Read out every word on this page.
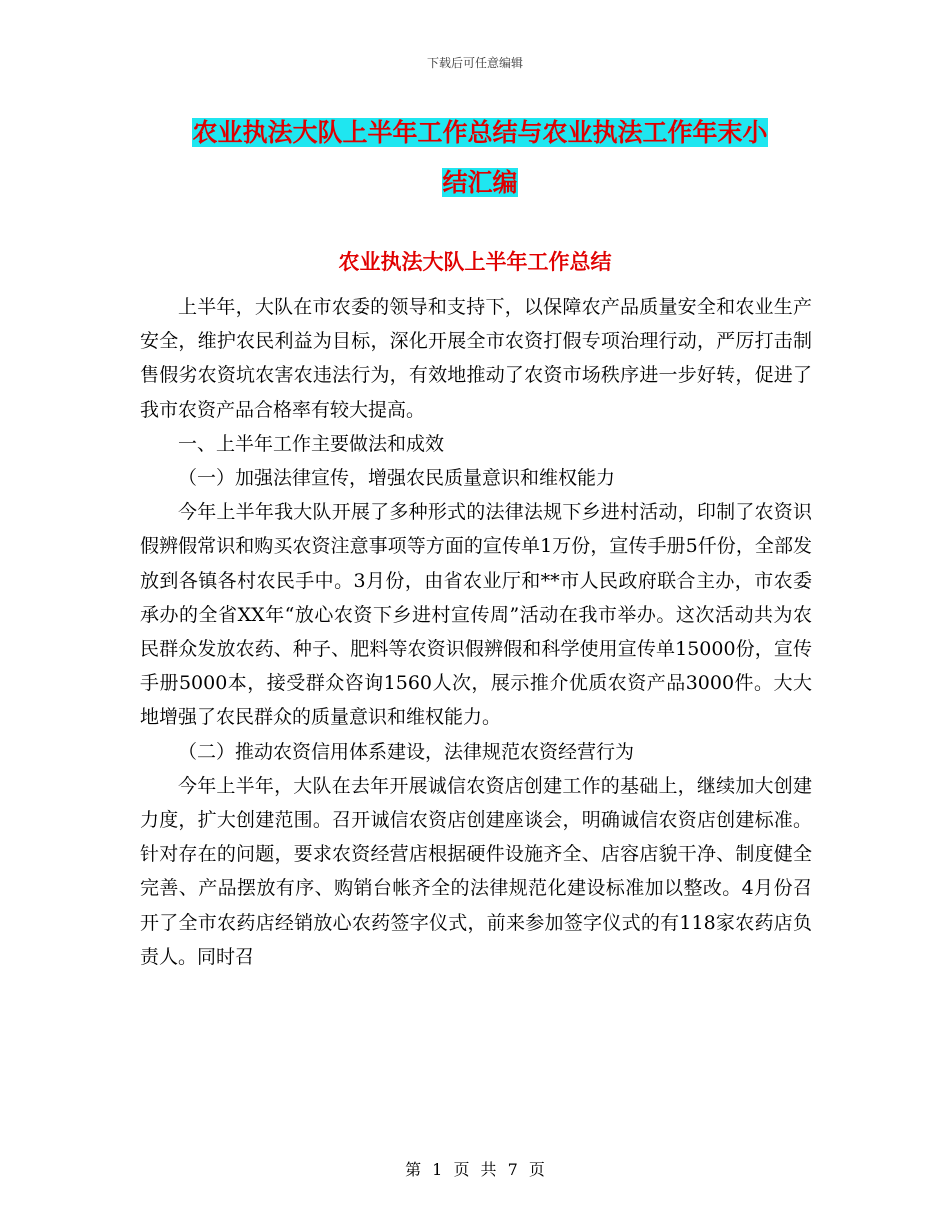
下载后可任意编辑
农业执法大队上半年工作总结与农业执法工作年末小
结汇编
农业执法大队上半年工作总结

上半年，大队在市农委的领导和支持下，以保障农产品质量安全和农业生产安全，维护农民利益为目标，深化开展全市农资打假专项治理行动，严厉打击制售假劣农资坑农害农违法行为，有效地推动了农资市场秩序进一步好转，促进了我市农资产品合格率有较大提高。

一、上半年工作主要做法和成效

（一）加强法律宣传，增强农民质量意识和维权能力

今年上半年我大队开展了多种形式的法律法规下乡进村活动，印制了农资识假辨假常识和购买农资注意事项等方面的宣传单1万份，宣传手册5仟份，全部发放到各镇各村农民手中。3月份，由省农业厅和**市人民政府联合主办，市农委承办的全省XX年“放心农资下乡进村宣传周”活动在我市举办。这次活动共为农民群众发放农药、种子、肥料等农资识假辨假和科学使用宣传单15000份，宣传手册5000本，接受群众咨询1560人次，展示推介优质农资产品3000件。大大地增强了农民群众的质量意识和维权能力。

（二）推动农资信用体系建设，法律规范农资经营行为

今年上半年，大队在去年开展诚信农资店创建工作的基础上，继续加大创建力度，扩大创建范围。召开诚信农资店创建座谈会，明确诚信农资店创建标准。针对存在的问题，要求农资经营店根据硬件设施齐全、店容店貌干净、制度健全完善、产品摆放有序、购销台帐齐全的法律规范化建设标准加以整改。4月份召开了全市农药店经销放心农药签字仪式，前来参加签字仪式的有118家农药店负责人。同时召

第 1 页 共 7 页
